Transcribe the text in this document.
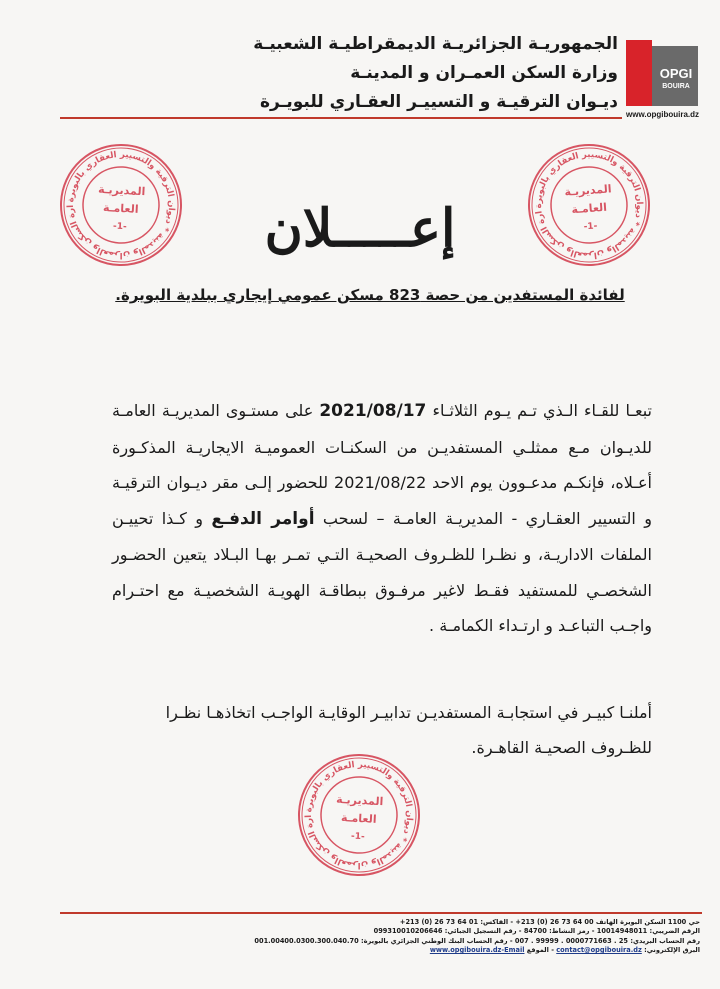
الجمهوريـة الجزائريـة الديمقراطيـة الشعبيـة
وزارة السكن العمـران و المدينـة
ديـوان الترقيـة و التسييـر العقـاري للبويـرة
OPGI
BOUIRA
www.opgibouira.dz
وزارة السكن والعمران والمدينة * ديوان الترقية والتسيير العقاري بالبويرة
المديريـة
العامـة
-1-
وزارة السكن والعمران والمدينة * ديوان الترقية والتسيير العقاري بالبويرة
المديريـة
العامـة
-1-
وزارة السكن والعمران والمدينة * ديوان الترقية والتسيير العقاري بالبويرة
المديريـة
العامـة
-1-
إعـــــلان
لفائدة المستفدين من حصة 823 مسكن عمومي إيجاري ببلدية البويرة.
تبعـا للقـاء الـذي تـم يـوم الثلاثـاء 2021/08/17 على مستـوى المديريـة العامـة للديـوان مـع ممثلـي المستفديـن من السكنـات العموميـة الايجاريـة المذكـورة أعـلاه، فإنكـم مدعـوون يوم الاحد 2021/08/22 للحضور إلـى مقر ديـوان الترقيـة و التسيير العقـاري - المديريـة العامـة – لسحب أوامر الدفـع و كـذا تحييـن الملفات الاداريـة، و نظـرا للظـروف الصحيـة التـي تمـر بهـا البـلاد يتعين الحضـور الشخصـي للمستفيد فقـط لاغير مرفـوق ببطاقـة الهويـة الشخصيـة مع احتـرام واجـب التباعـد و ارتـداء الكمامـة .
أملنـا كبيـر في استجابـة المستفديـن تدابيـر الوقايـة الواجـب اتخاذهـا نظـرا للظـروف الصحيـة القاهـرة.
حي 1100 السكن البويرة الهاتف 00 64 73 26 (0) 213+ - الفاكس: 01 64 73 26 (0) 213+
الرقم الضريبي: 10014948011 - رمز النشاط: 84700 - رقم التسجيل الجبائي: 099310010206646
رقم الحساب البريدي: 25 . 0000771663 . 99999 . 007 - رقم الحساب البنك الوطني الجزائري بالبويرة: 001.00400.0300.300.040.70
البرق الإلكتروني: contact@opgibouira.dz - الموقع www.opgibouira.dz-Email
